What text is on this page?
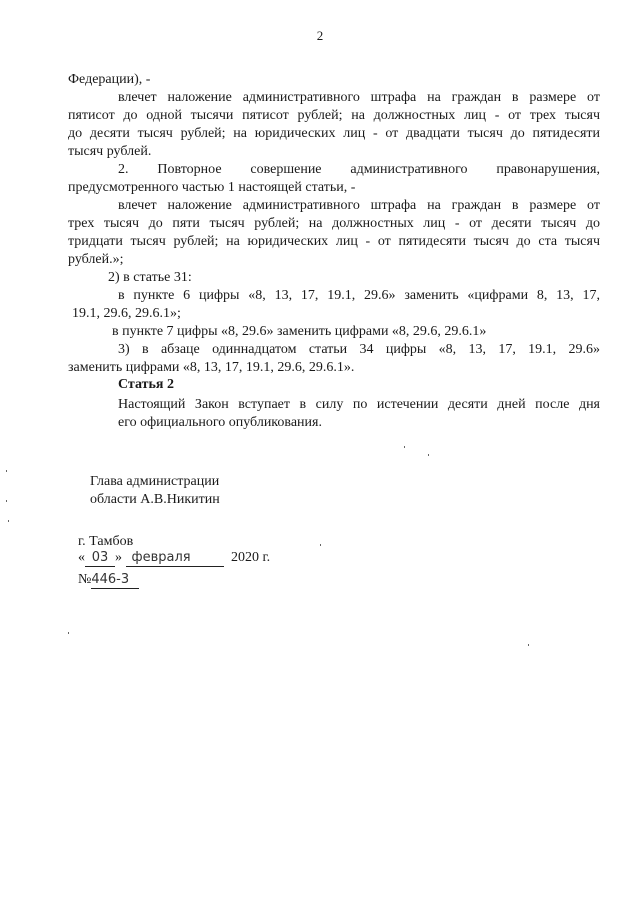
2
Федерации), -
влечет наложение административного штрафа на граждан в размере от
пятисот до одной тысячи пятисот рублей; на должностных лиц - от трех тысяч
до десяти тысяч рублей; на юридических лиц - от двадцати тысяч до пятидесяти
тысяч рублей.
2. Повторное совершение административного правонарушения,
предусмотренного частью 1 настоящей статьи, -
влечет наложение административного штрафа на граждан в размере от
трех тысяч до пяти тысяч рублей; на должностных лиц - от десяти тысяч до
тридцати тысяч рублей; на юридических лиц - от пятидесяти тысяч до ста тысяч
рублей.»;
2) в статье 31:
в пункте 6 цифры «8, 13, 17, 19.1, 29.6» заменить «цифрами 8, 13, 17,
19.1, 29.6, 29.6.1»;
в пункте 7 цифры «8, 29.6» заменить цифрами «8, 29.6, 29.6.1»
3) в абзаце одиннадцатом статьи 34 цифры «8, 13, 17, 19.1, 29.6»
заменить цифрами «8, 13, 17, 19.1, 29.6, 29.6.1».
Статья 2
Настоящий Закон вступает в силу по истечении десяти дней после дня
его официального опубликования.
Глава администрации
области А.В.Никитин
г. Тамбов
« 03 » февраля	2020 г.
№446-3
